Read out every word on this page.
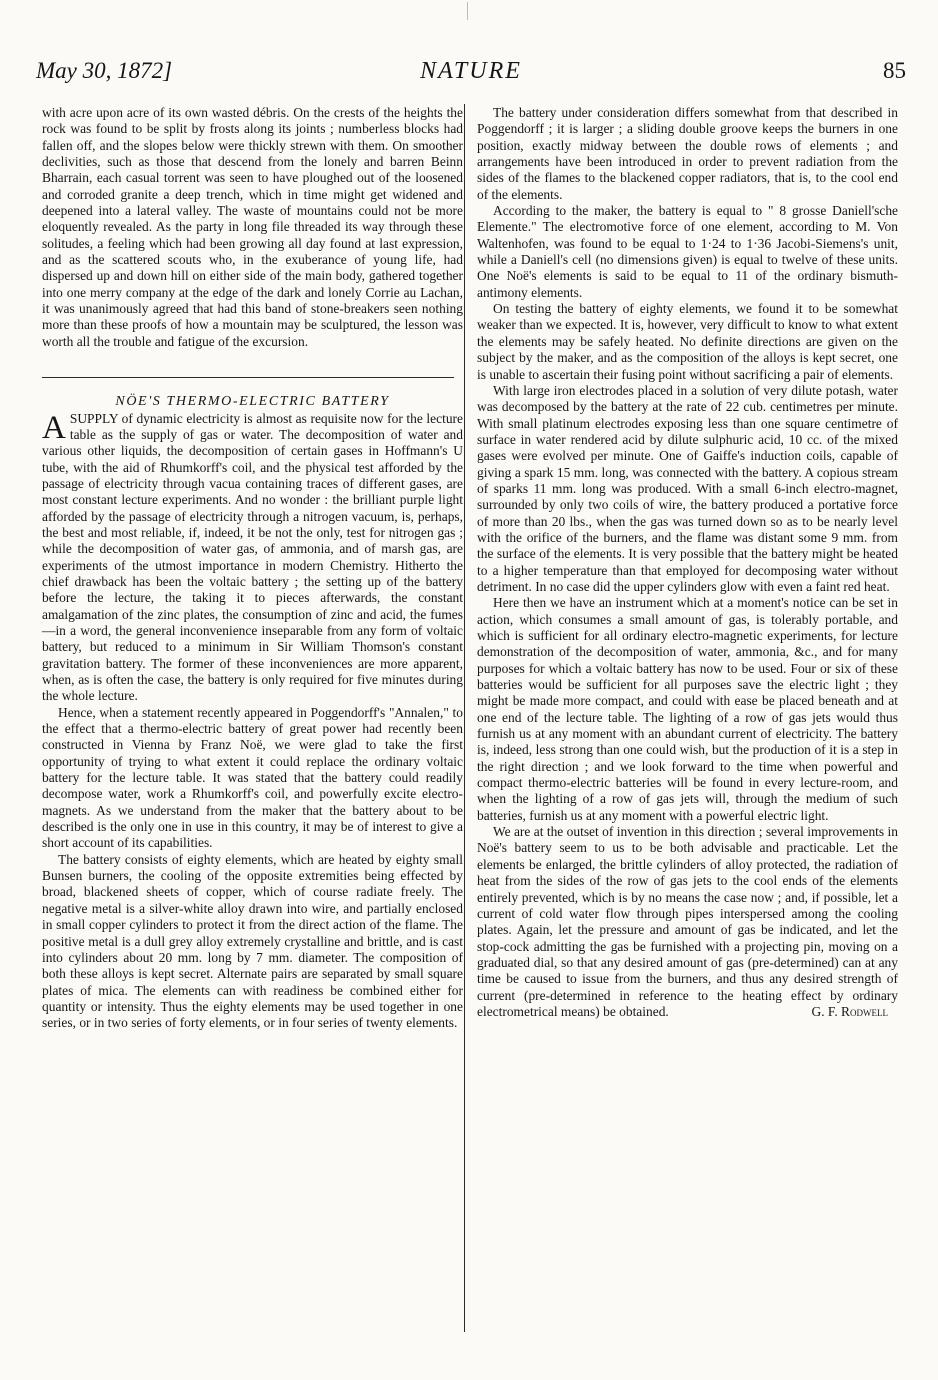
May 30, 1872]	NATURE	85

with acre upon acre of its own wasted débris. On the crests of the heights the rock was found to be split by frosts along its joints ; numberless blocks had fallen off, and the slopes below were thickly strewn with them. On smoother declivities, such as those that descend from the lonely and barren Beinn Bharrain, each casual torrent was seen to have ploughed out of the loosened and corroded granite a deep trench, which in time might get widened and deepened into a lateral valley. The waste of mountains could not be more eloquently revealed. As the party in long file threaded its way through these solitudes, a feeling which had been growing all day found at last expression, and as the scattered scouts who, in the exuberance of young life, had dispersed up and down hill on either side of the main body, gathered together into one merry company at the edge of the dark and lonely Corrie au Lachan, it was unanimously agreed that had this band of stone-breakers seen nothing more than these proofs of how a mountain may be sculptured, the lesson was worth all the trouble and fatigue of the excursion.

NÖE'S THERMO-ELECTRIC BATTERY

ASUPPLY of dynamic electricity is almost as requisite now for the lecture table as the supply of gas or water. The decomposition of water and various other liquids, the decomposition of certain gases in Hoffmann's U tube, with the aid of Rhumkorff's coil, and the physical test afforded by the passage of electricity through vacua containing traces of different gases, are most constant lecture experiments. And no wonder : the brilliant purple light afforded by the passage of electricity through a nitrogen vacuum, is, perhaps, the best and most reliable, if, indeed, it be not the only, test for nitrogen gas ; while the decomposition of water gas, of ammonia, and of marsh gas, are experiments of the utmost importance in modern Chemistry. Hitherto the chief drawback has been the voltaic battery ; the setting up of the battery before the lecture, the taking it to pieces afterwards, the constant amalgamation of the zinc plates, the consumption of zinc and acid, the fumes—in a word, the general inconvenience inseparable from any form of voltaic battery, but reduced to a minimum in Sir William Thomson's constant gravitation battery. The former of these inconveniences are more apparent, when, as is often the case, the battery is only required for five minutes during the whole lecture.

Hence, when a statement recently appeared in Poggendorff's "Annalen," to the effect that a thermo-electric battery of great power had recently been constructed in Vienna by Franz Noë, we were glad to take the first opportunity of trying to what extent it could replace the ordinary voltaic battery for the lecture table. It was stated that the battery could readily decompose water, work a Rhumkorff's coil, and powerfully excite electro-magnets. As we understand from the maker that the battery about to be described is the only one in use in this country, it may be of interest to give a short account of its capabilities.

The battery consists of eighty elements, which are heated by eighty small Bunsen burners, the cooling of the opposite extremities being effected by broad, blackened sheets of copper, which of course radiate freely. The negative metal is a silver-white alloy drawn into wire, and partially enclosed in small copper cylinders to protect it from the direct action of the flame. The positive metal is a dull grey alloy extremely crystalline and brittle, and is cast into cylinders about 20 mm. long by 7 mm. diameter. The composition of both these alloys is kept secret. Alternate pairs are separated by small square plates of mica. The elements can with readiness be combined either for quantity or intensity. Thus the eighty elements may be used together in one series, or in two series of forty elements, or in four series of twenty elements.

The battery under consideration differs somewhat from that described in Poggendorff ; it is larger ; a sliding double groove keeps the burners in one position, exactly midway between the double rows of elements ; and arrangements have been introduced in order to prevent radiation from the sides of the flames to the blackened copper radiators, that is, to the cool end of the elements.

According to the maker, the battery is equal to " 8 grosse Daniell'sche Elemente." The electromotive force of one element, according to M. Von Waltenhofen, was found to be equal to 1·24 to 1·36 Jacobi-Siemens's unit, while a Daniell's cell (no dimensions given) is equal to twelve of these units. One Noë's elements is said to be equal to 11 of the ordinary bismuth-antimony elements.

On testing the battery of eighty elements, we found it to be somewhat weaker than we expected. It is, however, very difficult to know to what extent the elements may be safely heated. No definite directions are given on the subject by the maker, and as the composition of the alloys is kept secret, one is unable to ascertain their fusing point without sacrificing a pair of elements.

With large iron electrodes placed in a solution of very dilute potash, water was decomposed by the battery at the rate of 22 cub. centimetres per minute. With small platinum electrodes exposing less than one square centimetre of surface in water rendered acid by dilute sulphuric acid, 10 cc. of the mixed gases were evolved per minute. One of Gaiffe's induction coils, capable of giving a spark 15 mm. long, was connected with the battery. A copious stream of sparks 11 mm. long was produced. With a small 6-inch electro-magnet, surrounded by only two coils of wire, the battery produced a portative force of more than 20 lbs., when the gas was turned down so as to be nearly level with the orifice of the burners, and the flame was distant some 9 mm. from the surface of the elements. It is very possible that the battery might be heated to a higher temperature than that employed for decomposing water without detriment. In no case did the upper cylinders glow with even a faint red heat.

Here then we have an instrument which at a moment's notice can be set in action, which consumes a small amount of gas, is tolerably portable, and which is sufficient for all ordinary electro-magnetic experiments, for lecture demonstration of the decomposition of water, ammonia, &c., and for many purposes for which a voltaic battery has now to be used. Four or six of these batteries would be sufficient for all purposes save the electric light ; they might be made more compact, and could with ease be placed beneath and at one end of the lecture table. The lighting of a row of gas jets would thus furnish us at any moment with an abundant current of electricity. The battery is, indeed, less strong than one could wish, but the production of it is a step in the right direction ; and we look forward to the time when powerful and compact thermo-electric batteries will be found in every lecture-room, and when the lighting of a row of gas jets will, through the medium of such batteries, furnish us at any moment with a powerful electric light.

We are at the outset of invention in this direction ; several improvements in Noë's battery seem to us to be both advisable and practicable. Let the elements be enlarged, the brittle cylinders of alloy protected, the radiation of heat from the sides of the row of gas jets to the cool ends of the elements entirely prevented, which is by no means the case now ; and, if possible, let a current of cold water flow through pipes interspersed among the cooling plates. Again, let the pressure and amount of gas be indicated, and let the stop-cock admitting the gas be furnished with a projecting pin, moving on a graduated dial, so that any desired amount of gas (pre-determined) can at any time be caused to issue from the burners, and thus any desired strength of current (pre-determined in reference to the heating effect by ordinary electrometrical means) be obtained.	G. F. Rodwell
